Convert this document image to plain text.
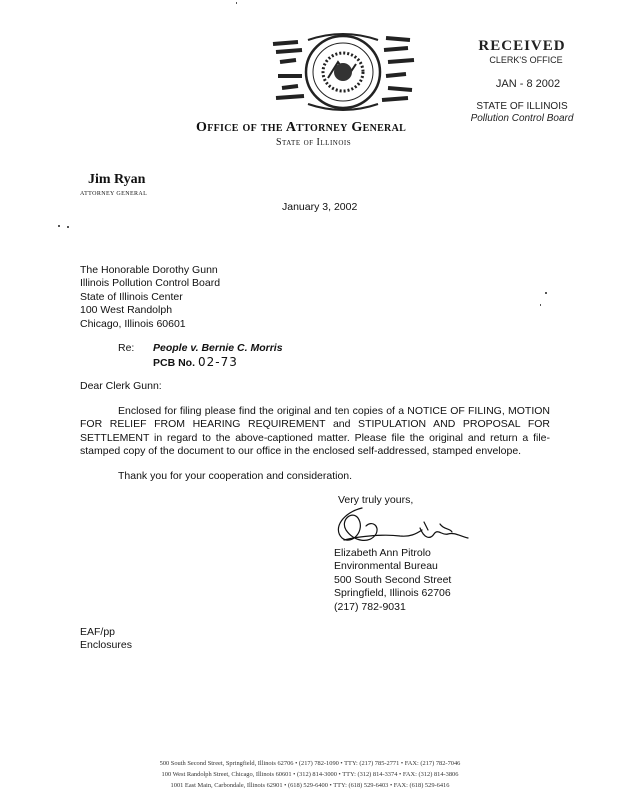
RECEIVED
CLERK'S OFFICE
JAN - 8 2002
STATE OF ILLINOIS
Pollution Control Board
Office of the Attorney General
State of Illinois
Jim Ryan
ATTORNEY GENERAL
January 3, 2002
The Honorable Dorothy Gunn
Illinois Pollution Control Board
State of Illinois Center
100 West Randolph
Chicago, Illinois 60601
Re: People v. Bernie C. Morris
PCB No. 02-73
Dear Clerk Gunn:
Enclosed for filing please find the original and ten copies of a NOTICE OF FILING, MOTION FOR RELIEF FROM HEARING REQUIREMENT and STIPULATION AND PROPOSAL FOR SETTLEMENT in regard to the above-captioned matter. Please file the original and return a file-stamped copy of the document to our office in the enclosed self-addressed, stamped envelope.
Thank you for your cooperation and consideration.
Very truly yours,
Elizabeth Ann Pitrolo
Environmental Bureau
500 South Second Street
Springfield, Illinois 62706
(217) 782-9031
EAF/pp
Enclosures
500 South Second Street, Springfield, Illinois 62706 • (217) 782-1090 • TTY: (217) 785-2771 • FAX: (217) 782-7046
100 West Randolph Street, Chicago, Illinois 60601 • (312) 814-3000 • TTY: (312) 814-3374 • FAX: (312) 814-3806
1001 East Main, Carbondale, Illinois 62901 • (618) 529-6400 • TTY: (618) 529-6403 • FAX: (618) 529-6416
